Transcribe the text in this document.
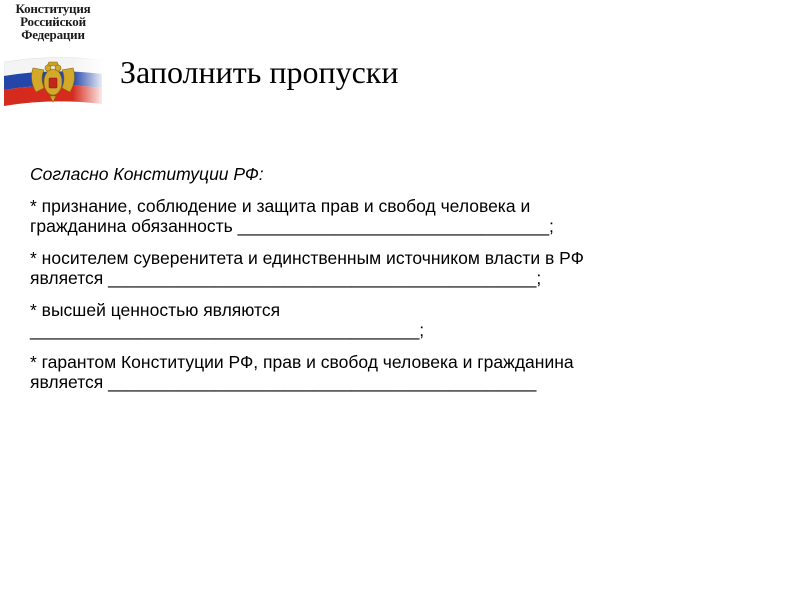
Конституция
Российской
Федерации
Заполнить пропуски
Согласно Конституции РФ:
* признание, соблюдение и защита прав и свобод человека и
гражданина обязанность ________________________________;
* носителем суверенитета и единственным источником власти в РФ
является ____________________________________________;
* высшей ценностью являются
________________________________________;
* гарантом Конституции РФ, прав и свобод человека и гражданина
является ____________________________________________
